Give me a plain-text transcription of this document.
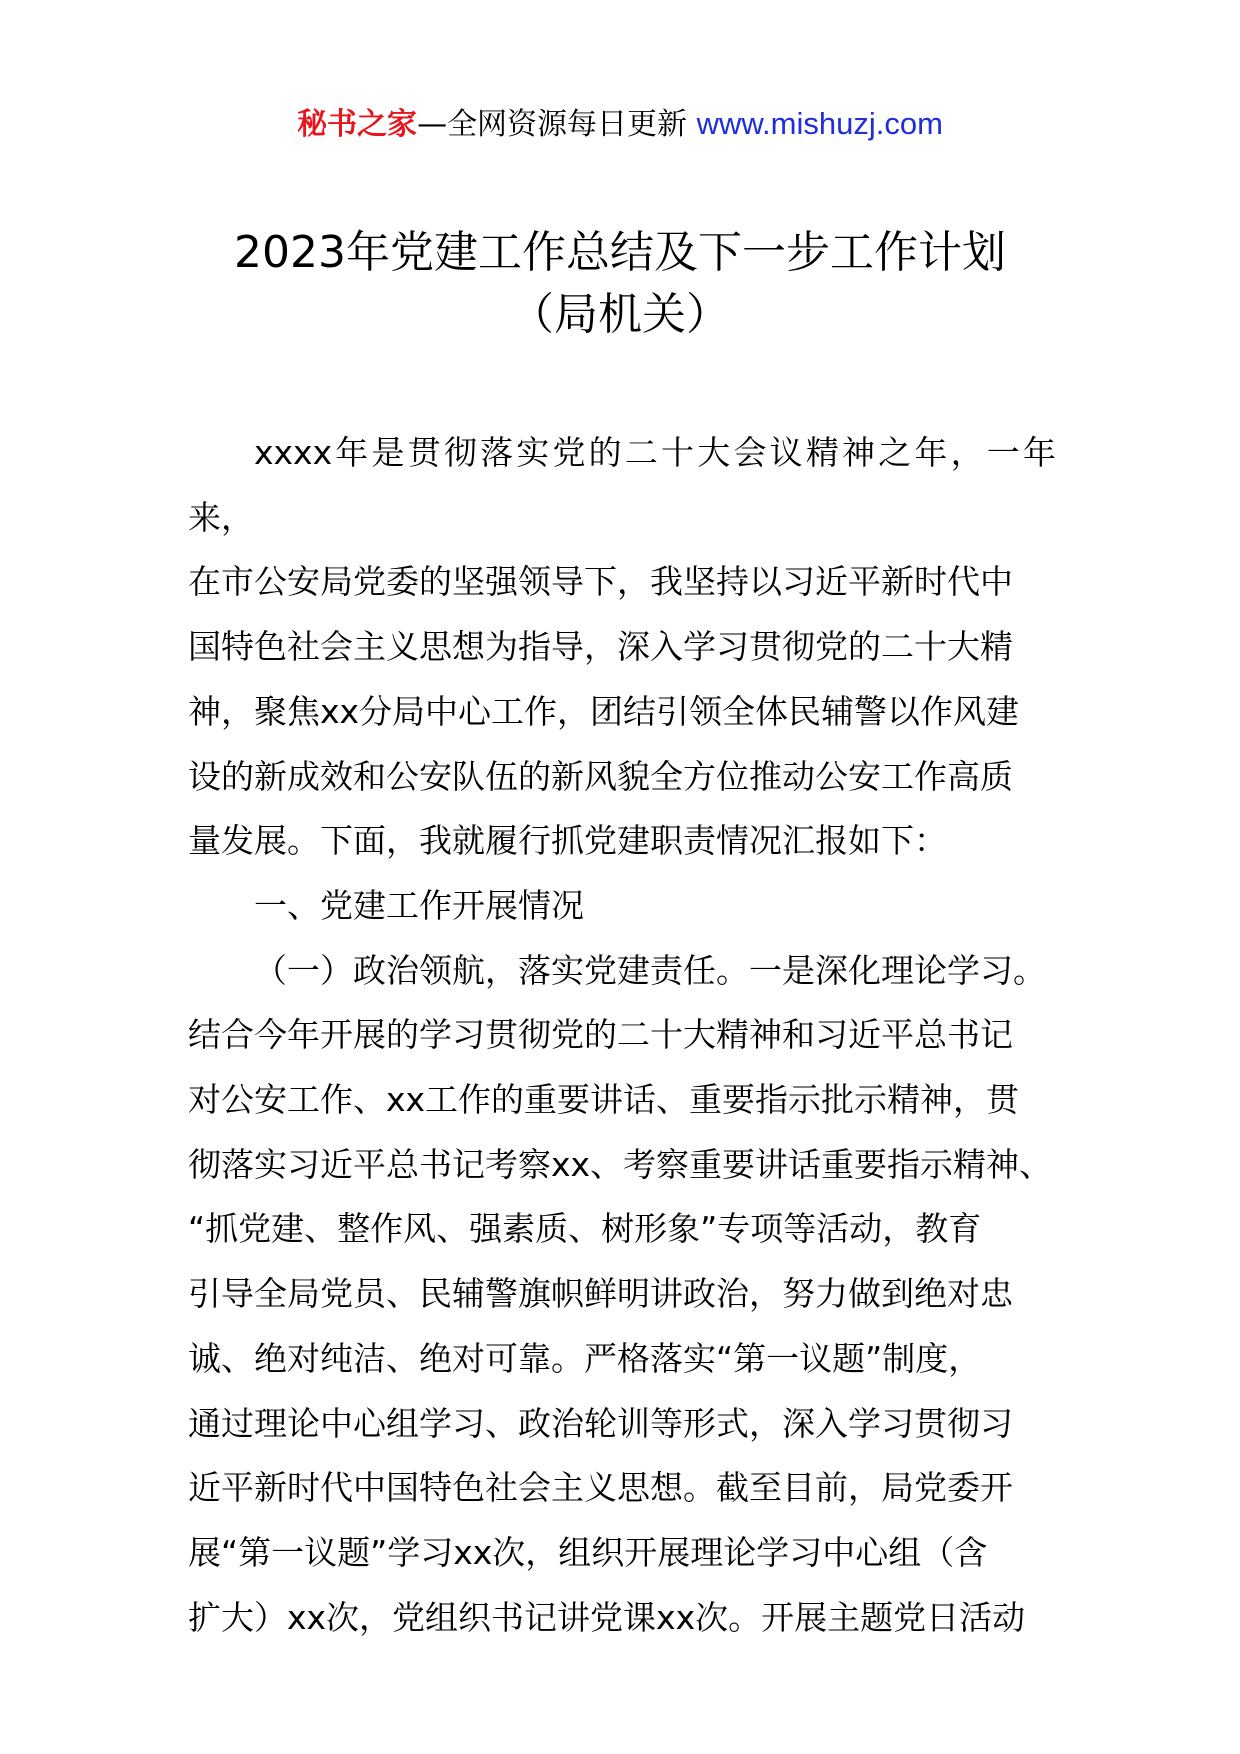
秘书之家—全网资源每日更新 www.mishuzj.com
2023年党建工作总结及下一步工作计划
（局机关）

xxxx年是贯彻落实党的二十大会议精神之年，一年来，
在市公安局党委的坚强领导下，我坚持以习近平新时代中
国特色社会主义思想为指导，深入学习贯彻党的二十大精
神，聚焦xx分局中心工作，团结引领全体民辅警以作风建
设的新成效和公安队伍的新风貌全方位推动公安工作高质
量发展。下面，我就履行抓党建职责情况汇报如下：

一、党建工作开展情况

（一）政治领航，落实党建责任。一是深化理论学习。
结合今年开展的学习贯彻党的二十大精神和习近平总书记
对公安工作、xx工作的重要讲话、重要指示批示精神，贯
彻落实习近平总书记考察xx、考察重要讲话重要指示精神、
“抓党建、整作风、强素质、树形象”专项等活动，教育
引导全局党员、民辅警旗帜鲜明讲政治，努力做到绝对忠
诚、绝对纯洁、绝对可靠。严格落实“第一议题”制度，
通过理论中心组学习、政治轮训等形式，深入学习贯彻习
近平新时代中国特色社会主义思想。截至目前，局党委开
展“第一议题”学习xx次，组织开展理论学习中心组（含
扩大）xx次，党组织书记讲党课xx次。开展主题党日活动
